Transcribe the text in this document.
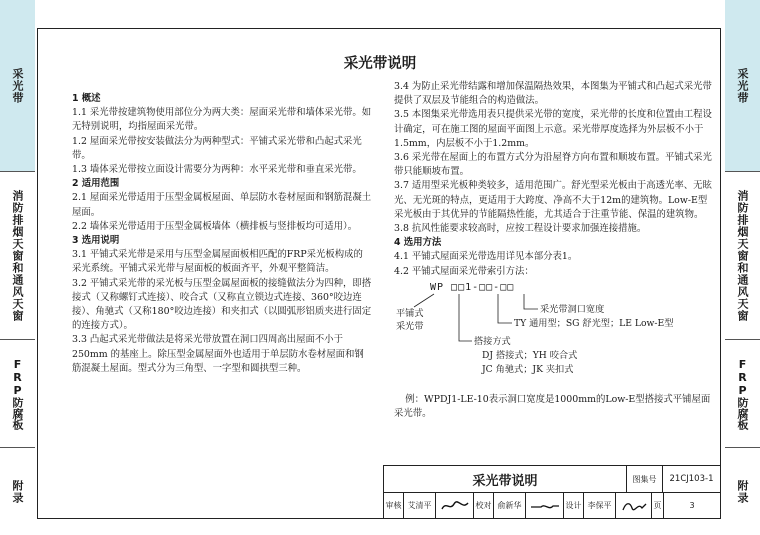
采光带
消防排烟天窗和通风天窗
FRP防腐板
附录
采光带
消防排烟天窗和通风天窗
FRP防腐板
附录
采光带说明

1 概述

1.1 采光带按建筑物使用部位分为两大类：屋面采光带和墙体采光带。如无特别说明，均指屋面采光带。

1.2 屋面采光带按安装做法分为两种型式：平铺式采光带和凸起式采光带。

1.3 墙体采光带按立面设计需要分为两种：水平采光带和垂直采光带。

2 适用范围

2.1 屋面采光带适用于压型金属板屋面、单层防水卷材屋面和钢筋混凝土屋面。

2.2 墙体采光带适用于压型金属板墙体（横排板与竖排板均可适用）。

3 选用说明

3.1 平铺式采光带是采用与压型金属屋面板相匹配的FRP采光板构成的采光系统。平铺式采光带与屋面板的板面齐平，外观平整简洁。

3.2 平铺式采光带的采光板与压型金属屋面板的接缝做法分为四种，即搭接式（又称螺钉式连接）、咬合式（又称直立锁边式连接、360°咬边连接）、角驰式（又称180°咬边连接）和夹扣式（以圆弧形铝质夹进行固定的连接方式）。

3.3 凸起式采光带做法是将采光带放置在洞口四周高出屋面不小于250mm 的基座上。除压型金属屋面外也适用于单层防水卷材屋面和钢筋混凝土屋面。型式分为三角型、一字型和圆拱型三种。

3.4 为防止采光带结露和增加保温隔热效果，本图集为平铺式和凸起式采光带提供了双层及节能组合的构造做法。

3.5 本图集采光带选用表只提供采光带的宽度，采光带的长度和位置由工程设计确定，可在施工图的屋面平面图上示意。采光带厚度选择为外层板不小于1.5mm，内层板不小于1.2mm。

3.6 采光带在屋面上的布置方式分为沿屋脊方向布置和顺坡布置。平铺式采光带只能顺坡布置。

3.7 适用型采光板种类较多，适用范围广。舒光型采光板由于高透光率、无眩光、无光斑的特点，更适用于大跨度、净高不大于12m的建筑物。Low-E型采光板由于其优异的节能隔热性能，尤其适合于注重节能、保温的建筑物。

3.8 抗风性能要求较高时，应按工程设计要求加强连接措施。

4 选用方法

4.1 平铺式屋面采光带选用详见本部分表1。

4.2 平铺式屋面采光带索引方法：

WP □□1-□□-□□
采光带洞口宽度
TY 通用型；SG 舒光型；LE Low-E型
平铺式
采光带
搭接方式
DJ 搭接式；YH 咬合式
JC 角驰式；JK 夹扣式

例：WPDJ1-LE-10表示洞口宽度是1000mm的Low-E型搭接式平铺屋面采光带。

采光带说明	图集号	21CJ103-1
审核 艾清平	校对 俞新华	设计 李保平	页	3
